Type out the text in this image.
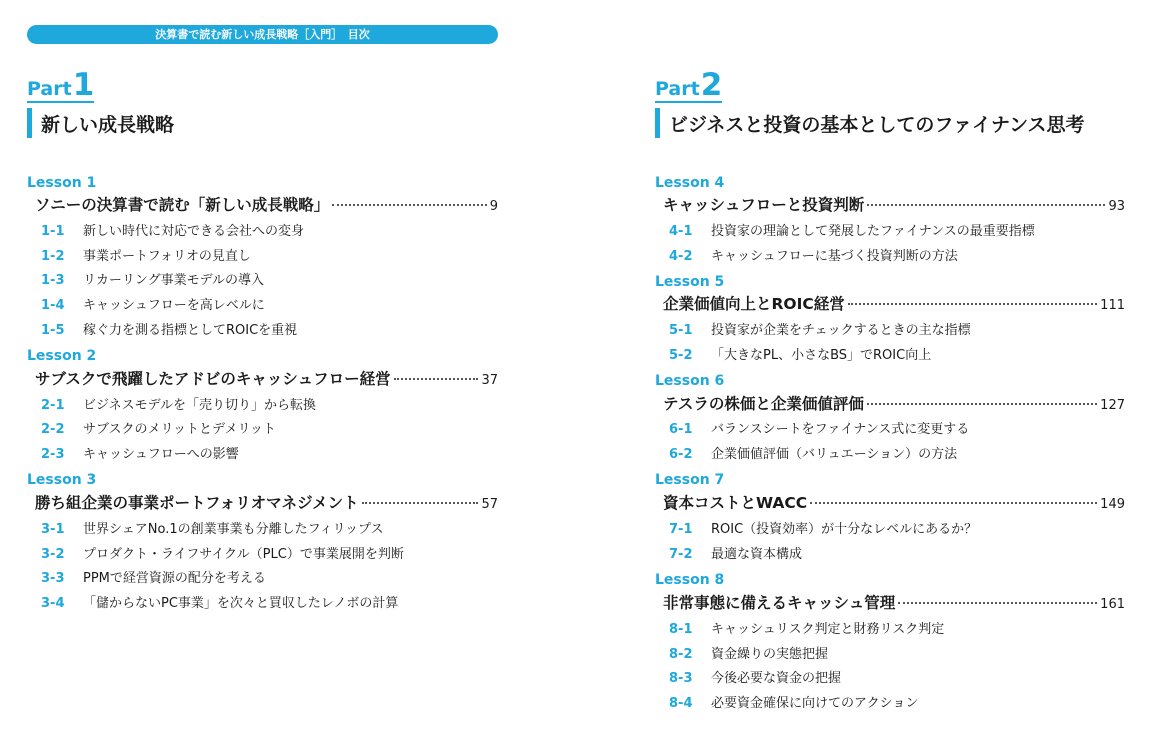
決算書で読む新しい成長戦略［入門］　目次
Part1
新しい成長戦略
Lesson 1
ソニーの決算書で読む「新しい成長戦略」	9
1-1	新しい時代に対応できる会社への変身
1-2	事業ポートフォリオの見直し
1-3	リカーリング事業モデルの導入
1-4	キャッシュフローを高レベルに
1-5	稼ぐ力を測る指標としてROICを重視
Lesson 2
サブスクで飛躍したアドビのキャッシュフロー経営	37
2-1	ビジネスモデルを「売り切り」から転換
2-2	サブスクのメリットとデメリット
2-3	キャッシュフローへの影響
Lesson 3
勝ち組企業の事業ポートフォリオマネジメント	57
3-1	世界シェアNo.1の創業事業も分離したフィリップス
3-2	プロダクト・ライフサイクル（PLC）で事業展開を判断
3-3	PPMで経営資源の配分を考える
3-4	「儲からないPC事業」を次々と買収したレノボの計算
Part2
ビジネスと投資の基本としてのファイナンス思考
Lesson 4
キャッシュフローと投資判断	93
4-1	投資家の理論として発展したファイナンスの最重要指標
4-2	キャッシュフローに基づく投資判断の方法
Lesson 5
企業価値向上とROIC経営	111
5-1	投資家が企業をチェックするときの主な指標
5-2	「大きなPL、小さなBS」でROIC向上
Lesson 6
テスラの株価と企業価値評価	127
6-1	バランスシートをファイナンス式に変更する
6-2	企業価値評価（バリュエーション）の方法
Lesson 7
資本コストとWACC	149
7-1	ROIC（投資効率）が十分なレベルにあるか？
7-2	最適な資本構成
Lesson 8
非常事態に備えるキャッシュ管理	161
8-1	キャッシュリスク判定と財務リスク判定
8-2	資金繰りの実態把握
8-3	今後必要な資金の把握
8-4	必要資金確保に向けてのアクション
